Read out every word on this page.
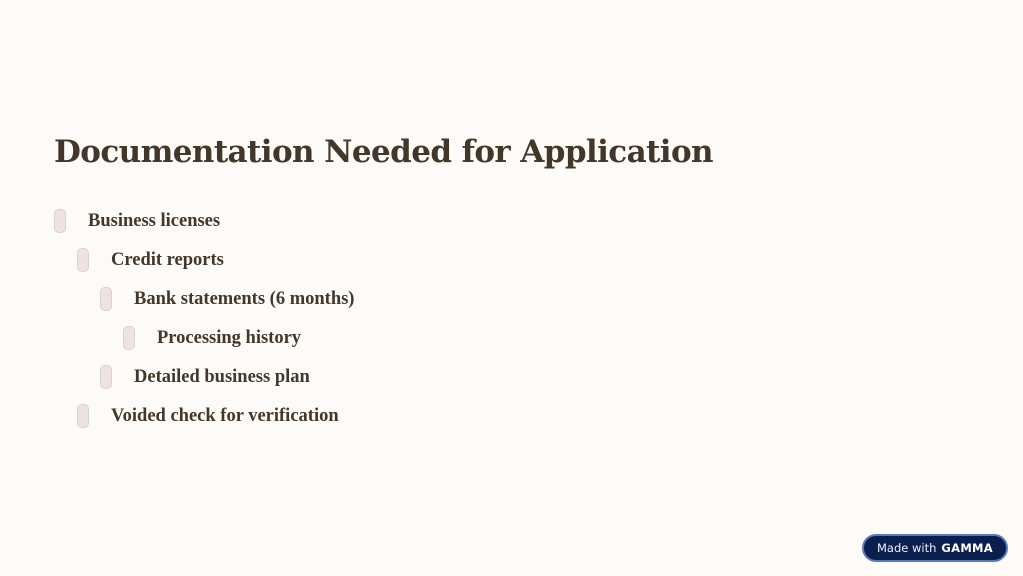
Documentation Needed for Application
Business licenses
Credit reports
Bank statements (6 months)
Processing history
Detailed business plan
Voided check for verification
Made with GAMMA
